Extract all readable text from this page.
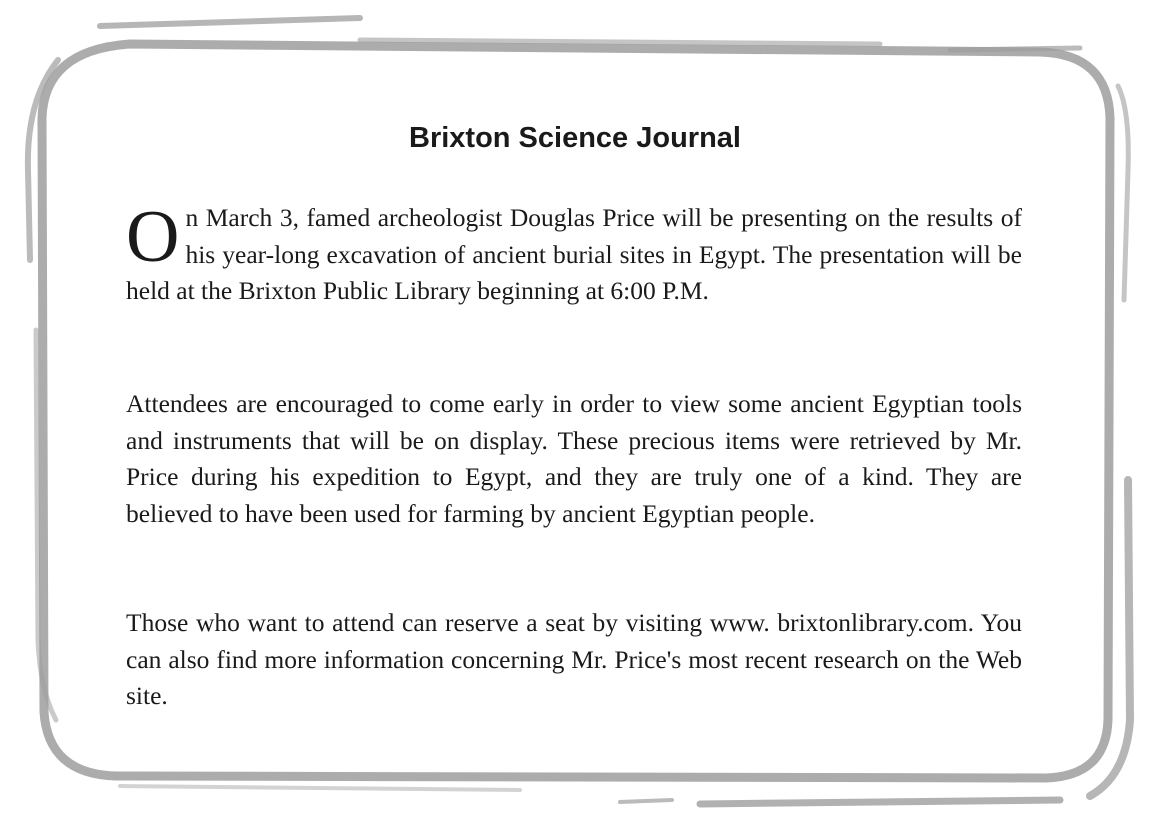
Brixton Science Journal

On March 3, famed archeologist Douglas Price will be presenting on the results of his year-long excavation of ancient burial sites in Egypt. The presentation will be held at the Brixton Public Library beginning at 6:00 P.M.

Attendees are encouraged to come early in order to view some ancient Egyptian tools and instruments that will be on display. These precious items were retrieved by Mr. Price during his expedition to Egypt, and they are truly one of a kind. They are believed to have been used for farming by ancient Egyptian people.

Those who want to attend can reserve a seat by visiting www. brixtonlibrary.com. You can also find more information concerning Mr. Price's most recent research on the Web site.
